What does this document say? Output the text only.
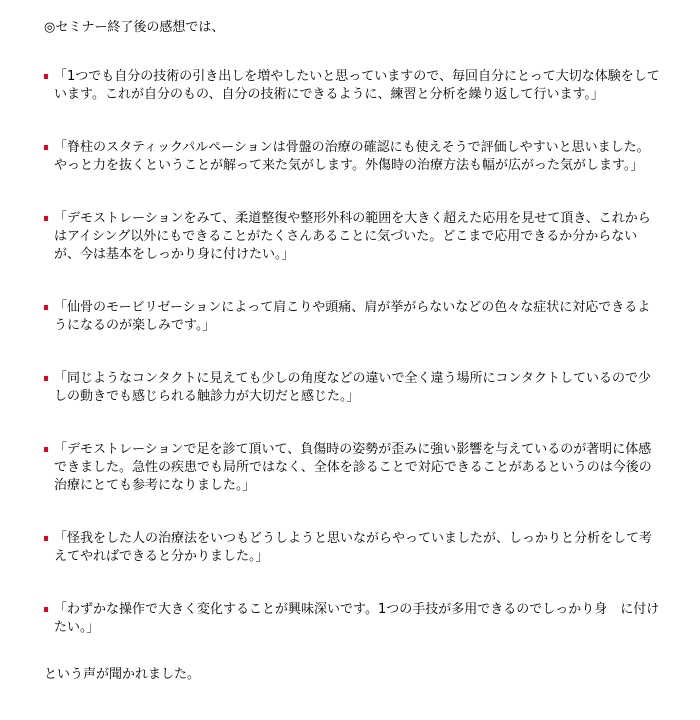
◎セミナー終了後の感想では、

「1つでも自分の技術の引き出しを増やしたいと思っていますので、毎回自分にとって大切な体験をしています。これが自分のもの、自分の技術にできるように、練習と分析を繰り返して行います。」
「脊柱のスタティックパルペーションは骨盤の治療の確認にも使えそうで評価しやすいと思いました。やっと力を抜くということが解って来た気がします。外傷時の治療方法も幅が広がった気がします。」
「デモストレーションをみて、柔道整復や整形外科の範囲を大きく超えた応用を見せて頂き、これからはアイシング以外にもできることがたくさんあることに気づいた。どこまで応用できるか分からないが、今は基本をしっかり身に付けたい。」
「仙骨のモービリゼーションによって肩こりや頭痛、肩が挙がらないなどの色々な症状に対応できるようになるのが楽しみです。」
「同じようなコンタクトに見えても少しの角度などの違いで全く違う場所にコンタクトしているので少しの動きでも感じられる触診力が大切だと感じた。」
「デモストレーションで足を診て頂いて、負傷時の姿勢が歪みに強い影響を与えているのが著明に体感できました。急性の疾患でも局所ではなく、全体を診ることで対応できることがあるというのは今後の治療にとても参考になりました。」
「怪我をした人の治療法をいつもどうしようと思いながらやっていましたが、しっかりと分析をして考えてやればできると分かりました。」
「わずかな操作で大きく変化することが興味深いです。1つの手技が多用できるのでしっかり身　に付けたい。」

という声が聞かれました。
